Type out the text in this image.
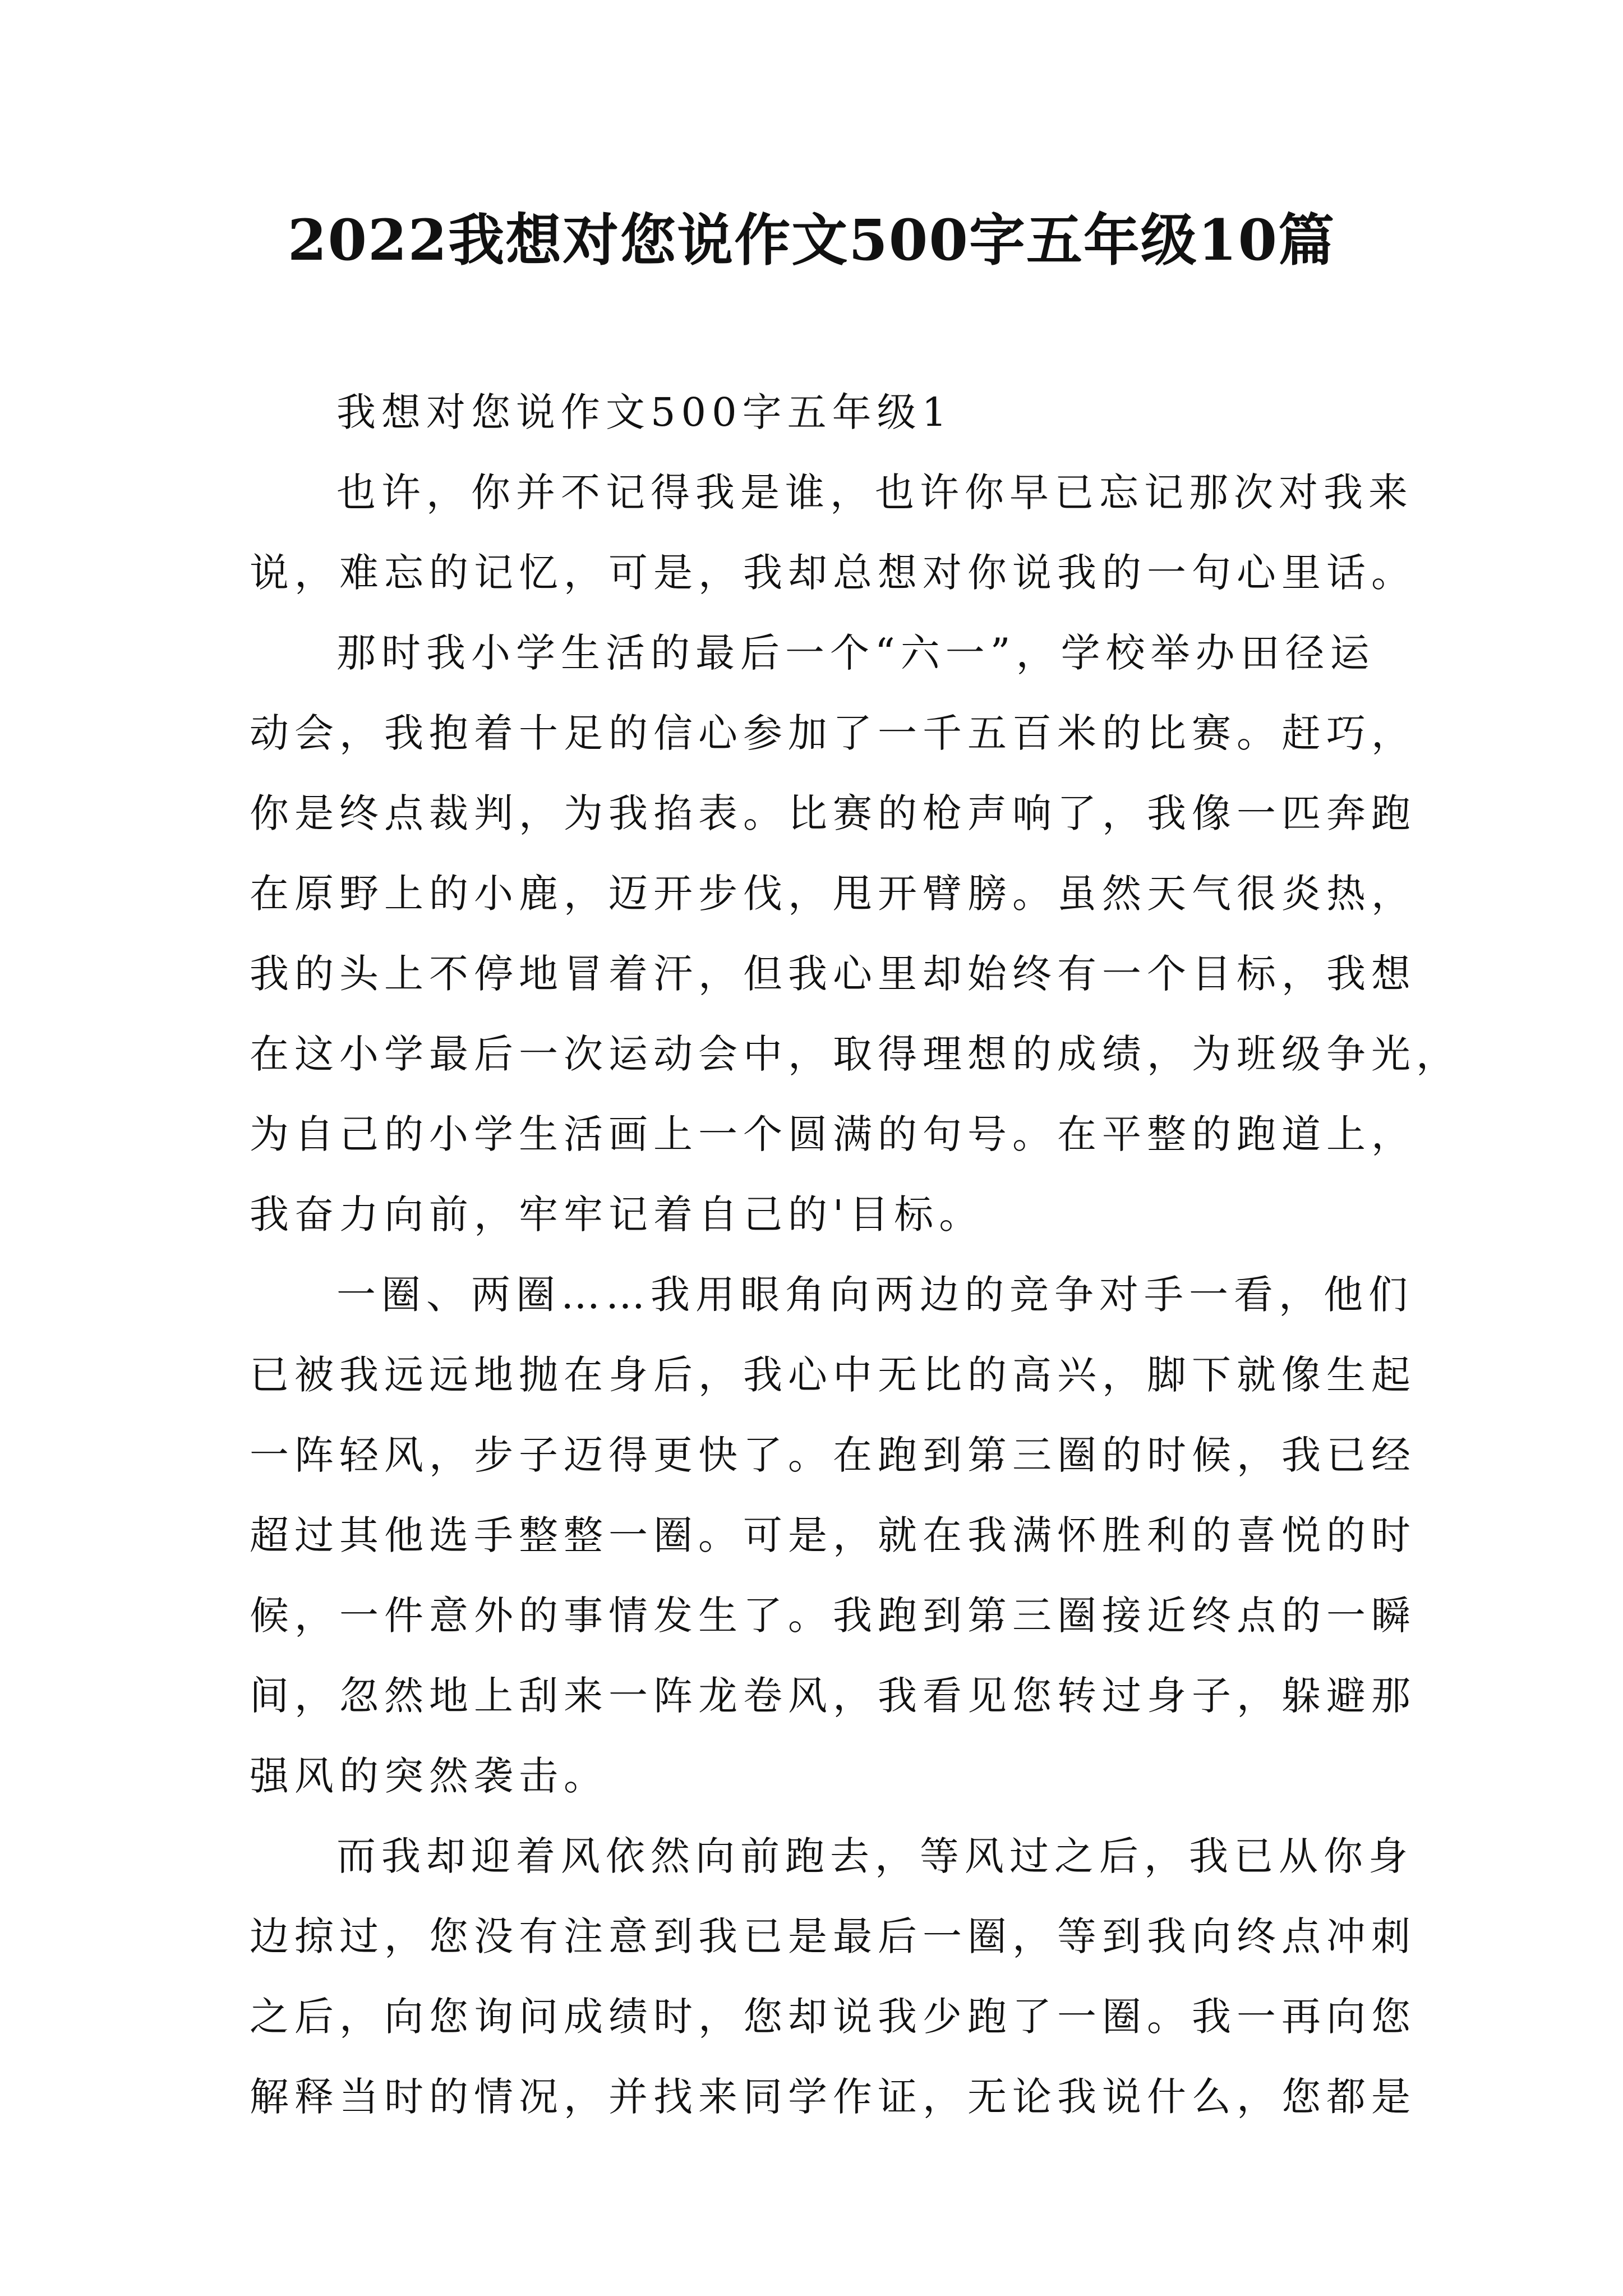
2022我想对您说作文500字五年级10篇
我想对您说作文500字五年级1
也许，你并不记得我是谁，也许你早已忘记那次对我来
说，难忘的记忆，可是，我却总想对你说我的一句心里话。
那时我小学生活的最后一个“六一”，学校举办田径运
动会，我抱着十足的信心参加了一千五百米的比赛。赶巧，
你是终点裁判，为我掐表。比赛的枪声响了，我像一匹奔跑
在原野上的小鹿，迈开步伐，甩开臂膀。虽然天气很炎热，
我的头上不停地冒着汗，但我心里却始终有一个目标，我想
在这小学最后一次运动会中，取得理想的成绩，为班级争光，
为自己的小学生活画上一个圆满的句号。在平整的跑道上，
我奋力向前，牢牢记着自己的'目标。
一圈、两圈……我用眼角向两边的竞争对手一看，他们
已被我远远地抛在身后，我心中无比的高兴，脚下就像生起
一阵轻风，步子迈得更快了。在跑到第三圈的时候，我已经
超过其他选手整整一圈。可是，就在我满怀胜利的喜悦的时
候，一件意外的事情发生了。我跑到第三圈接近终点的一瞬
间，忽然地上刮来一阵龙卷风，我看见您转过身子，躲避那
强风的突然袭击。
而我却迎着风依然向前跑去，等风过之后，我已从你身
边掠过，您没有注意到我已是最后一圈，等到我向终点冲刺
之后，向您询问成绩时，您却说我少跑了一圈。我一再向您
解释当时的情况，并找来同学作证，无论我说什么，您都是
